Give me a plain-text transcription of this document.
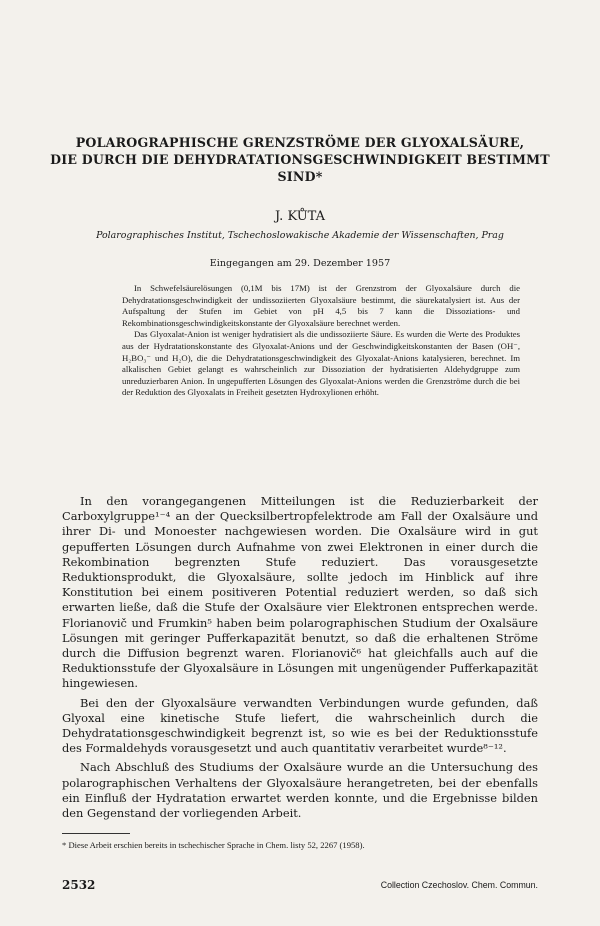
POLAROGRAPHISCHE GRENZSTRÖME DER GLYOXALSÄURE,
DIE DURCH DIE DEHYDRATATIONSGESCHWINDIGKEIT BESTIMMT
SIND*
J. KŮTA
Polarographisches Institut, Tschechoslowakische Akademie der Wissenschaften, Prag
Eingegangen am 29. Dezember 1957

In Schwefelsäurelösungen (0,1M bis 17M) ist der Grenzstrom der Glyoxalsäure durch die Dehydratationsgeschwindigkeit der undissoziierten Glyoxalsäure bestimmt, die säurekatalysiert ist. Aus der Aufspaltung der Stufen im Gebiet von pH 4,5 bis 7 kann die Dissoziations- und Rekombinationsgeschwindigkeitskonstante der Glyoxalsäure berechnet werden.

Das Glyoxalat-Anion ist weniger hydratisiert als die undissoziierte Säure. Es wurden die Werte des Produktes aus der Hydratationskonstante des Glyoxalat-Anions und der Geschwindigkeitskonstanten der Basen (OH⁻, H₂BO₃⁻ und H₂O), die die Dehydratationsgeschwindigkeit des Glyoxalat-Anions katalysieren, berechnet. Im alkalischen Gebiet gelangt es wahrscheinlich zur Dissoziation der hydratisierten Aldehydgruppe zum unreduzierbaren Anion. In ungepufferten Lösungen des Glyoxalat-Anions werden die Grenzströme durch die bei der Reduktion des Glyoxalats in Freiheit gesetzten Hydroxylionen erhöht.

In den vorangegangenen Mitteilungen ist die Reduzierbarkeit der Carboxylgruppe¹⁻⁴ an der Quecksilbertropfelektrode am Fall der Oxalsäure und ihrer Di- und Monoester nachgewiesen worden. Die Oxalsäure wird in gut gepufferten Lösungen durch Aufnahme von zwei Elektronen in einer durch die Rekombination begrenzten Stufe reduziert. Das vorausgesetzte Reduktionsprodukt, die Glyoxalsäure, sollte jedoch im Hinblick auf ihre Konstitution bei einem positiveren Potential reduziert werden, so daß sich erwarten ließe, daß die Stufe der Oxalsäure vier Elektronen entsprechen werde. Florianovič und Frumkin⁵ haben beim polarographischen Studium der Oxalsäure Lösungen mit geringer Pufferkapazität benutzt, so daß die erhaltenen Ströme durch die Diffusion begrenzt waren. Florianovič⁶ hat gleichfalls auch auf die Reduktionsstufe der Glyoxalsäure in Lösungen mit ungenügender Pufferkapazität hingewiesen.

Bei den der Glyoxalsäure verwandten Verbindungen wurde gefunden, daß Glyoxal eine kinetische Stufe liefert, die wahrscheinlich durch die Dehydratationsgeschwindigkeit begrenzt ist, so wie es bei der Reduktionsstufe des Formaldehyds vorausgesetzt und auch quantitativ verarbeitet wurde⁸⁻¹².

Nach Abschluß des Studiums der Oxalsäure wurde an die Untersuchung des polarographischen Verhaltens der Glyoxalsäure herangetreten, bei der ebenfalls ein Einfluß der Hydratation erwartet werden konnte, und die Ergebnisse bilden den Gegenstand der vorliegenden Arbeit.

* Diese Arbeit erschien bereits in tschechischer Sprache in Chem. listy 52, 2267 (1958).
2532	Collection Czechoslov. Chem. Commun.
